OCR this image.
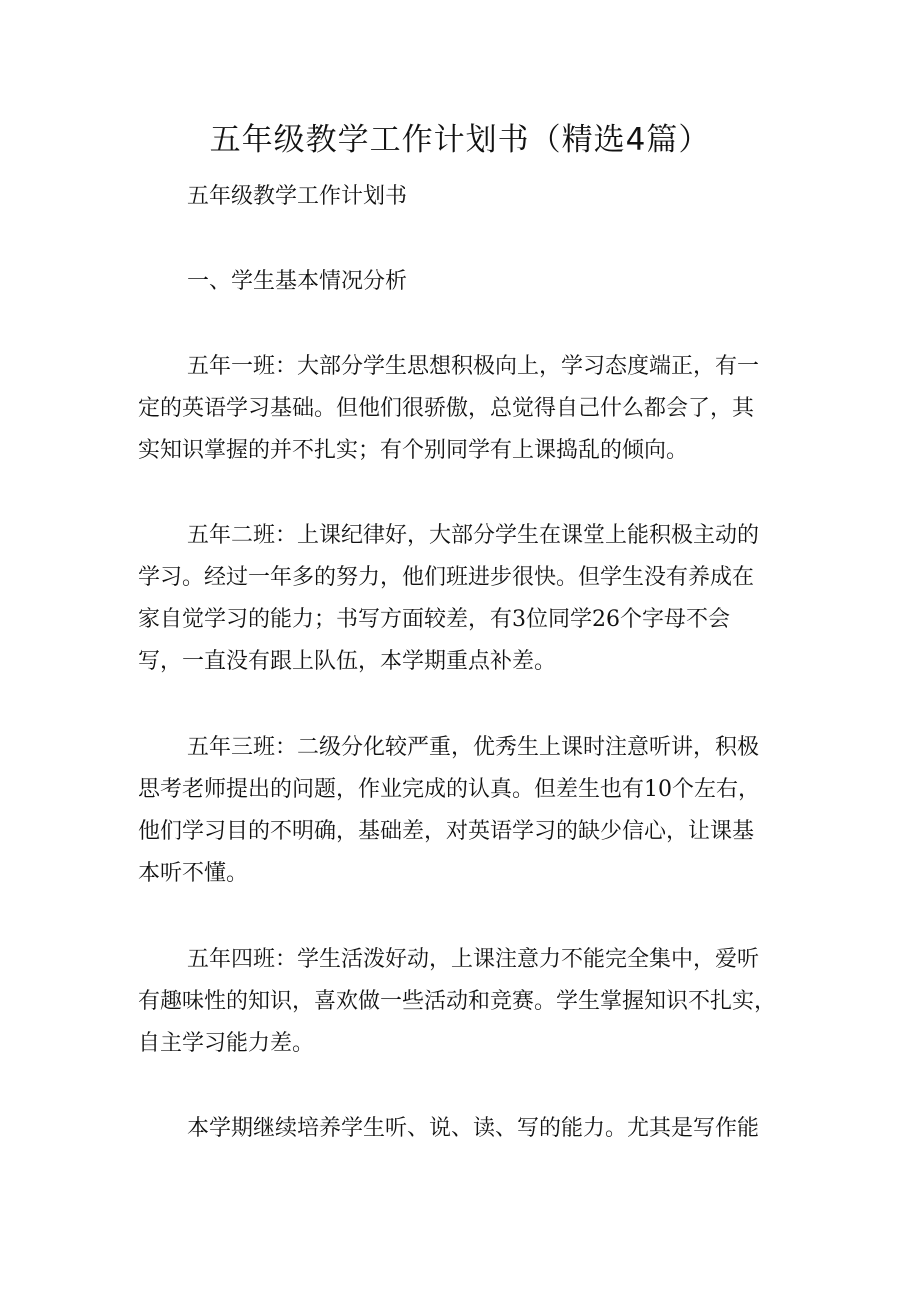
五年级教学工作计划书（精选4篇）

五年级教学工作计划书

一、学生基本情况分析

五年一班：大部分学生思想积极向上，学习态度端正，有一

定的英语学习基础。但他们很骄傲，总觉得自己什么都会了，其

实知识掌握的并不扎实；有个别同学有上课捣乱的倾向。

五年二班：上课纪律好，大部分学生在课堂上能积极主动的

学习。经过一年多的努力，他们班进步很快。但学生没有养成在

家自觉学习的能力；书写方面较差，有3位同学26个字母不会

写，一直没有跟上队伍，本学期重点补差。

五年三班：二级分化较严重，优秀生上课时注意听讲，积极

思考老师提出的问题，作业完成的认真。但差生也有10个左右，

他们学习目的不明确，基础差，对英语学习的缺少信心，让课基

本听不懂。

五年四班：学生活泼好动，上课注意力不能完全集中，爱听

有趣味性的知识，喜欢做一些活动和竞赛。学生掌握知识不扎实，

自主学习能力差。

本学期继续培养学生听、说、读、写的能力。尤其是写作能
